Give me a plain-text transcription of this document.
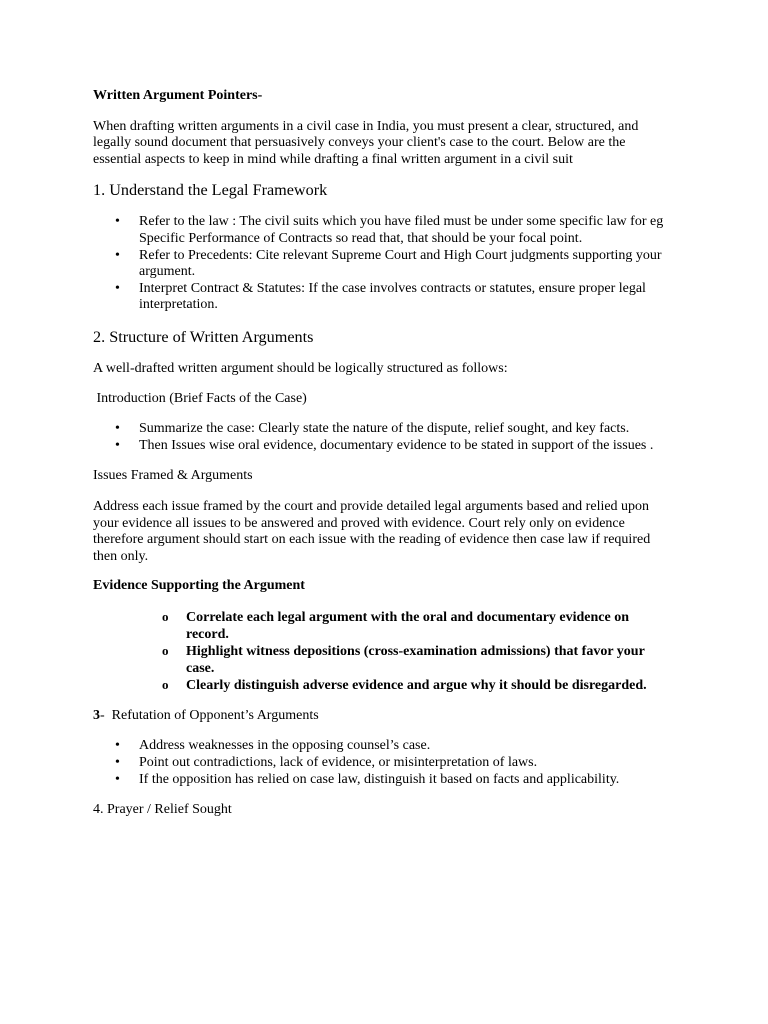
Written Argument Pointers-

When drafting written arguments in a civil case in India, you must present a clear, structured, and legally sound document that persuasively conveys your client's case to the court. Below are the essential aspects to keep in mind while drafting a final written argument in a civil suit

1. Understand the Legal Framework

• Refer to the law : The civil suits which you have filed must be under some specific law for eg Specific Performance of Contracts so read that, that should be your focal point.
• Refer to Precedents: Cite relevant Supreme Court and High Court judgments supporting your argument.
• Interpret Contract & Statutes: If the case involves contracts or statutes, ensure proper legal interpretation.

2. Structure of Written Arguments

A well-drafted written argument should be logically structured as follows:

Introduction (Brief Facts of the Case)

• Summarize the case: Clearly state the nature of the dispute, relief sought, and key facts.
• Then Issues wise oral evidence, documentary evidence to be stated in support of the issues .

Issues Framed & Arguments

Address each issue framed by the court and provide detailed legal arguments based and relied upon your evidence all issues to be answered and proved with evidence. Court rely only on evidence therefore argument should start on each issue with the reading of evidence then case law if required then only.

Evidence Supporting the Argument

o Correlate each legal argument with the oral and documentary evidence on record.
o Highlight witness depositions (cross-examination admissions) that favor your case.
o Clearly distinguish adverse evidence and argue why it should be disregarded.

3-  Refutation of Opponent’s Arguments

• Address weaknesses in the opposing counsel’s case.
• Point out contradictions, lack of evidence, or misinterpretation of laws.
• If the opposition has relied on case law, distinguish it based on facts and applicability.

4. Prayer / Relief Sought
